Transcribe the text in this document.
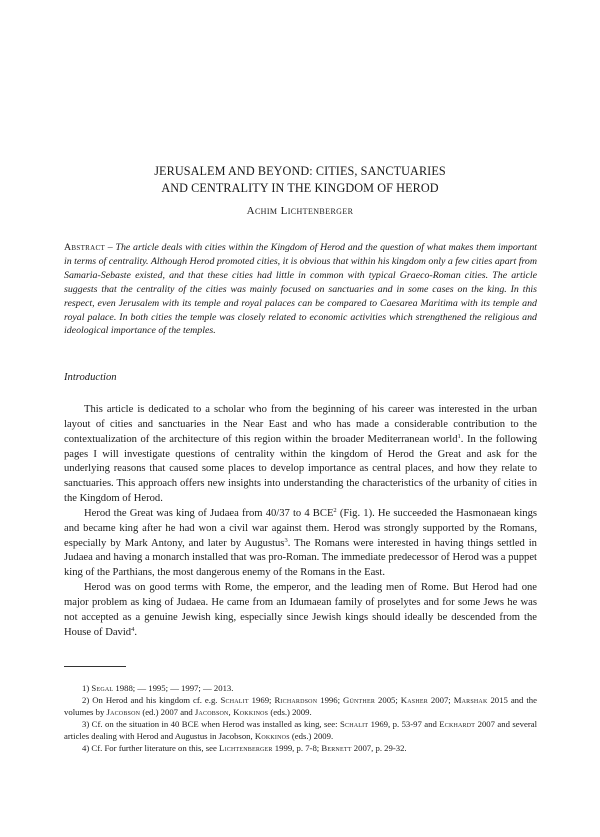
JERUSALEM AND BEYOND: CITIES, SANCTUARIES
AND CENTRALITY IN THE KINGDOM OF HEROD
Achim Lichtenberger
Abstract – The article deals with cities within the Kingdom of Herod and the question of what makes them important in terms of centrality. Although Herod promoted cities, it is obvious that within his kingdom only a few cities apart from Samaria-Sebaste existed, and that these cities had little in common with typical Graeco-Roman cities. The article suggests that the centrality of the cities was mainly focused on sanctuaries and in some cases on the king. In this respect, even Jerusalem with its temple and royal palaces can be compared to Caesarea Maritima with its temple and royal palace. In both cities the temple was closely related to economic activities which strengthened the religious and ideological importance of the temples.
Introduction

This article is dedicated to a scholar who from the beginning of his career was interested in the urban layout of cities and sanctuaries in the Near East and who has made a considerable contribution to the contextualization of the architecture of this region within the broader Mediterranean world$^1$. In the following pages I will investigate questions of centrality within the kingdom of Herod the Great and ask for the underlying reasons that caused some places to develop importance as central places, and how they relate to sanctuaries. This approach offers new insights into understanding the characteristics of the urbanity of cities in the Kingdom of Herod.

Herod the Great was king of Judaea from 40/37 to 4 BCE$^2$ (Fig. 1). He succeeded the Hasmonaean kings and became king after he had won a civil war against them. Herod was strongly supported by the Romans, especially by Mark Antony, and later by Augustus$^3$. The Romans were interested in having things settled in Judaea and having a monarch installed that was pro-Roman. The immediate predecessor of Herod was a puppet king of the Parthians, the most dangerous enemy of the Romans in the East.

Herod was on good terms with Rome, the emperor, and the leading men of Rome. But Herod had one major problem as king of Judaea. He came from an Idumaean family of proselytes and for some Jews he was not accepted as a genuine Jewish king, especially since Jewish kings should ideally be descended from the House of David$^4$.

1) Segal 1988; — 1995; — 1997; — 2013.

2) On Herod and his kingdom cf. e.g. Schalit 1969; Richardson 1996; Günther 2005; Kasher 2007; Marshak 2015 and the volumes by Jacobson (ed.) 2007 and Jacobson, Kokkinos (eds.) 2009.

3) Cf. on the situation in 40 BCE when Herod was installed as king, see: Schalit 1969, p. 53-97 and Eckhardt 2007 and several articles dealing with Herod and Augustus in Jacobson, Kokkinos (eds.) 2009.

4) Cf. For further literature on this, see Lichtenberger 1999, p. 7-8; Bernett 2007, p. 29-32.
